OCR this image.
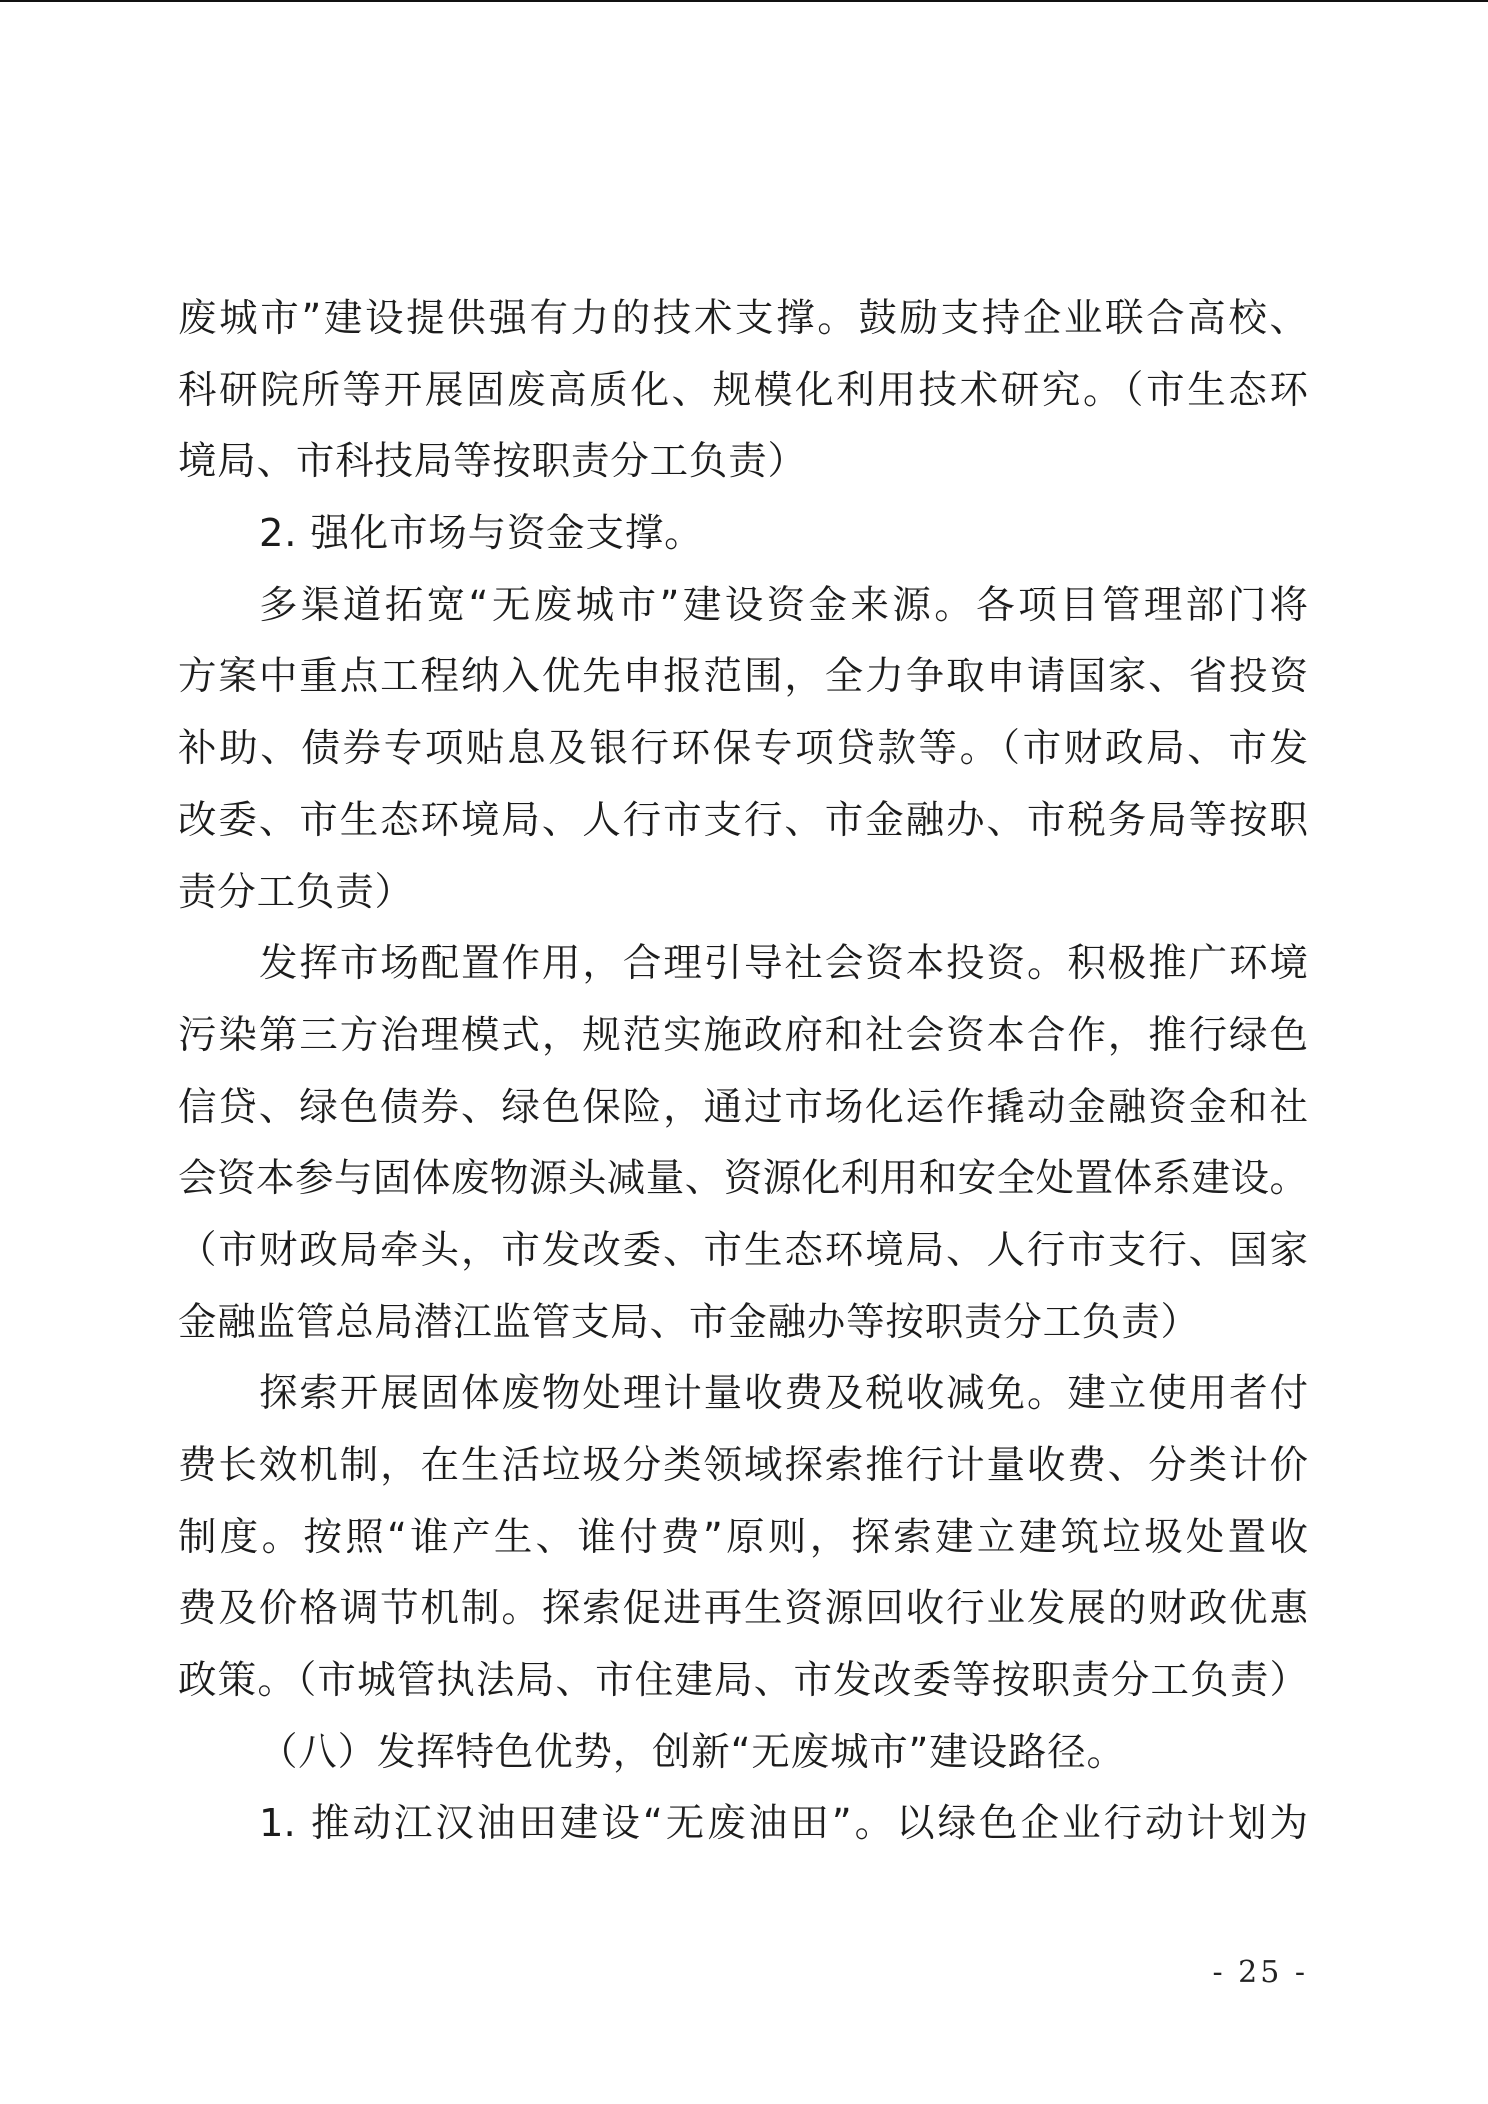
废城市”建设提供强有力的技术支撑。鼓励支持企业联合高校、
科研院所等开展固废高质化、规模化利用技术研究。（市生态环
境局、市科技局等按职责分工负责）
2. 强化市场与资金支撑。
多渠道拓宽“无废城市”建设资金来源。各项目管理部门将
方案中重点工程纳入优先申报范围，全力争取申请国家、省投资
补助、债券专项贴息及银行环保专项贷款等。（市财政局、市发
改委、市生态环境局、人行市支行、市金融办、市税务局等按职
责分工负责）
发挥市场配置作用，合理引导社会资本投资。积极推广环境
污染第三方治理模式，规范实施政府和社会资本合作，推行绿色
信贷、绿色债券、绿色保险，通过市场化运作撬动金融资金和社
会资本参与固体废物源头减量、资源化利用和安全处置体系建设。
（市财政局牵头，市发改委、市生态环境局、人行市支行、国家
金融监管总局潜江监管支局、市金融办等按职责分工负责）
探索开展固体废物处理计量收费及税收减免。建立使用者付
费长效机制，在生活垃圾分类领域探索推行计量收费、分类计价
制度。按照“谁产生、谁付费”原则，探索建立建筑垃圾处置收
费及价格调节机制。探索促进再生资源回收行业发展的财政优惠
政策。（市城管执法局、市住建局、市发改委等按职责分工负责）
（八）发挥特色优势，创新“无废城市”建设路径。
1. 推动江汉油田建设“无废油田”。以绿色企业行动计划为
- 25 -
